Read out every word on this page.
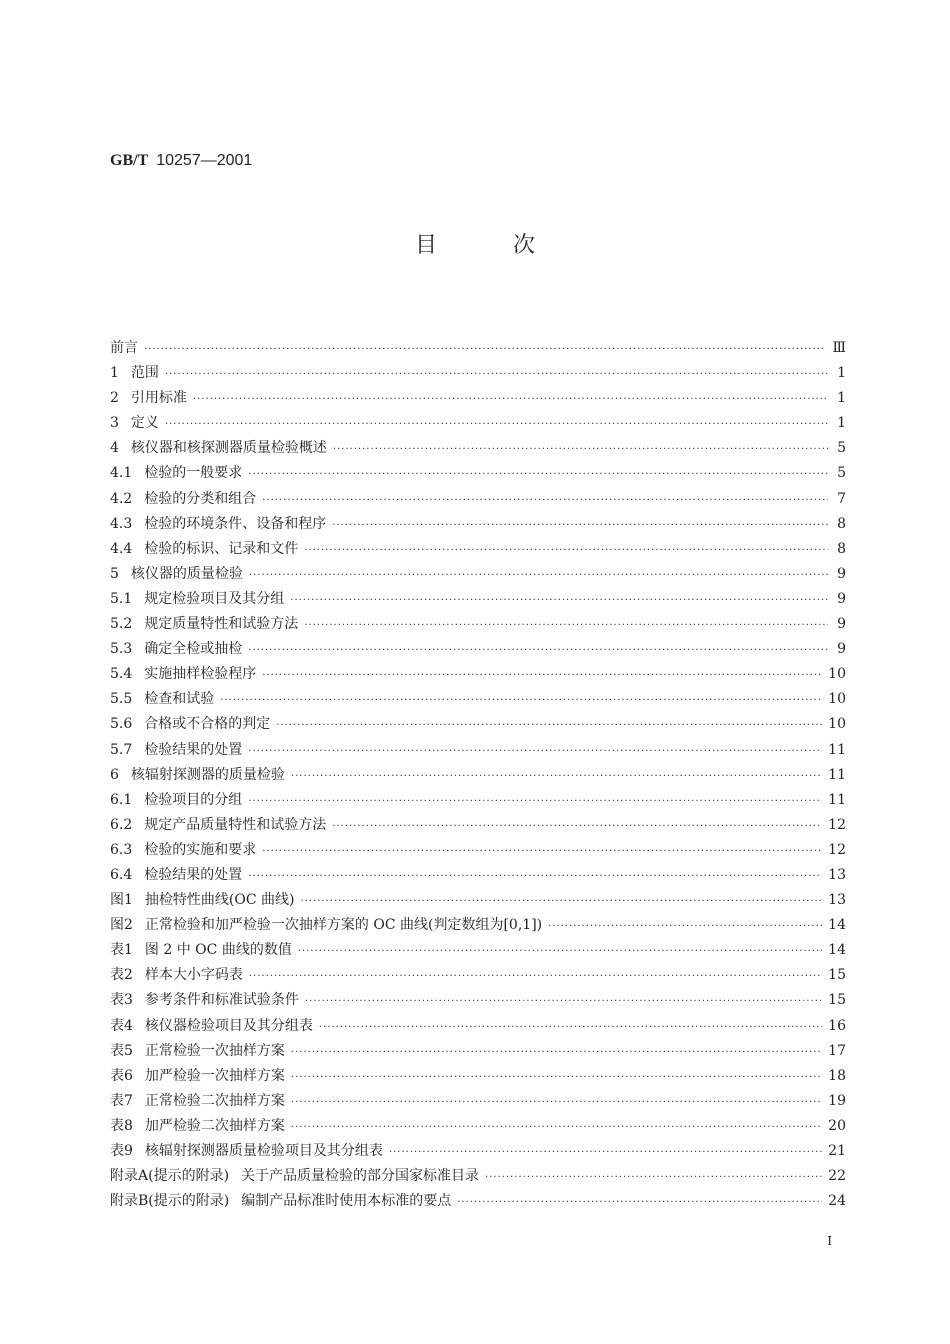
GB/T 10257—2001
目	次
前言 ·····	Ⅲ
1 范围 ·····	1
2 引用标准 ·····	1
3 定义 ·····	1
4 核仪器和核探测器质量检验概述 ·····	5
4.1 检验的一般要求 ·····	5
4.2 检验的分类和组合 ·····	7
4.3 检验的环境条件、设备和程序 ·····	8
4.4 检验的标识、记录和文件 ·····	8
5 核仪器的质量检验 ·····	9
5.1 规定检验项目及其分组 ·····	9
5.2 规定质量特性和试验方法 ·····	9
5.3 确定全检或抽检 ·····	9
5.4 实施抽样检验程序 ·····	10
5.5 检查和试验 ·····	10
5.6 合格或不合格的判定 ·····	10
5.7 检验结果的处置 ·····	11
6 核辐射探测器的质量检验 ·····	11
6.1 检验项目的分组 ·····	11
6.2 规定产品质量特性和试验方法 ·····	12
6.3 检验的实施和要求 ·····	12
6.4 检验结果的处置 ·····	13
图1 抽检特性曲线(OC 曲线) ·····	13
图2 正常检验和加严检验一次抽样方案的 OC 曲线(判定数组为[0,1]) ·····	14
表1 图 2 中 OC 曲线的数值 ·····	14
表2 样本大小字码表 ·····	15
表3 参考条件和标准试验条件 ·····	15
表4 核仪器检验项目及其分组表 ·····	16
表5 正常检验一次抽样方案 ·····	17
表6 加严检验一次抽样方案 ·····	18
表7 正常检验二次抽样方案 ·····	19
表8 加严检验二次抽样方案 ·····	20
表9 核辐射探测器质量检验项目及其分组表 ·····	21
附录A(提示的附录) 关于产品质量检验的部分国家标准目录 ·····	22
附录B(提示的附录) 编制产品标准时使用本标准的要点 ·····	24
I
